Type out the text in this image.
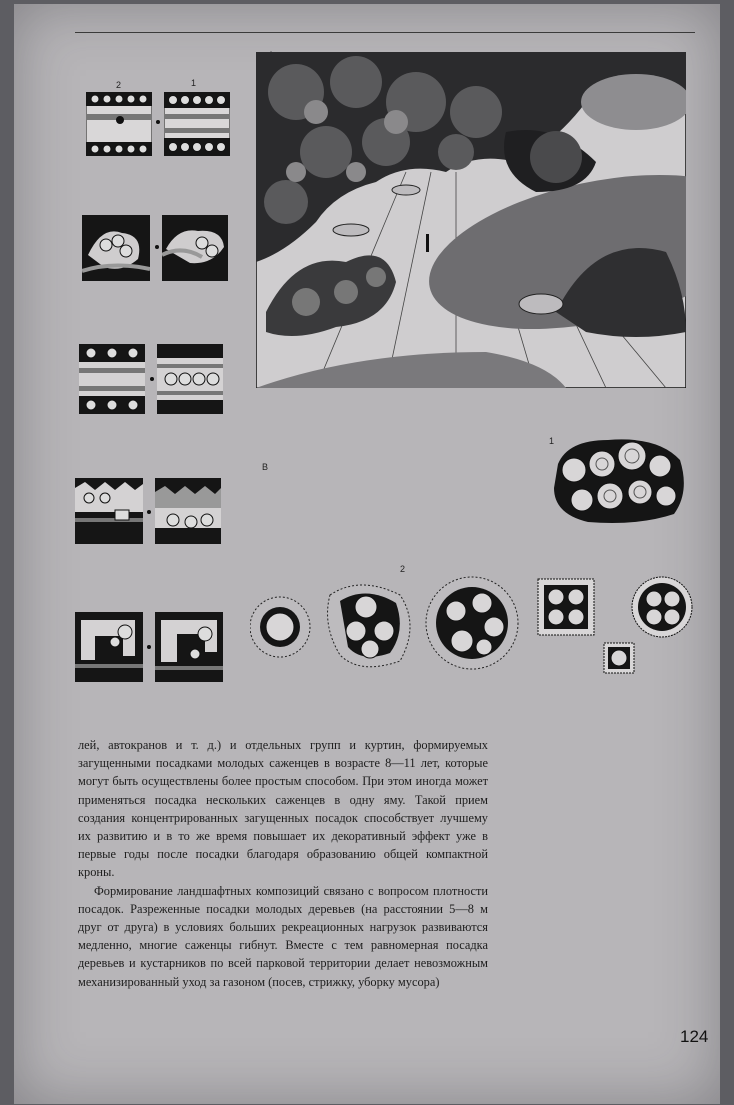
2	1
В
1
2

лей, автокранов и т. д.) и отдельных групп и куртин, формируемых загущенными посадками молодых саженцев в возрасте 8—11 лет, которые могут быть осуществлены более простым способом. При этом иногда может применяться посадка нескольких саженцев в одну яму. Такой прием создания концентрированных загущенных посадок способствует лучшему их развитию и в то же время повышает их декоративный эффект уже в первые годы после посадки благодаря образованию общей компактной кроны.

Формирование ландшафтных композиций связано с вопросом плотности посадок. Разреженные посадки молодых деревьев (на расстоянии 5—8 м друг от друга) в условиях больших рекреационных нагрузок развиваются медленно, многие саженцы гибнут. Вместе с тем равномерная посадка деревьев и кустарников по всей парковой территории делает невозможным механизированный уход за газоном (посев, стрижку, уборку мусора)

124
